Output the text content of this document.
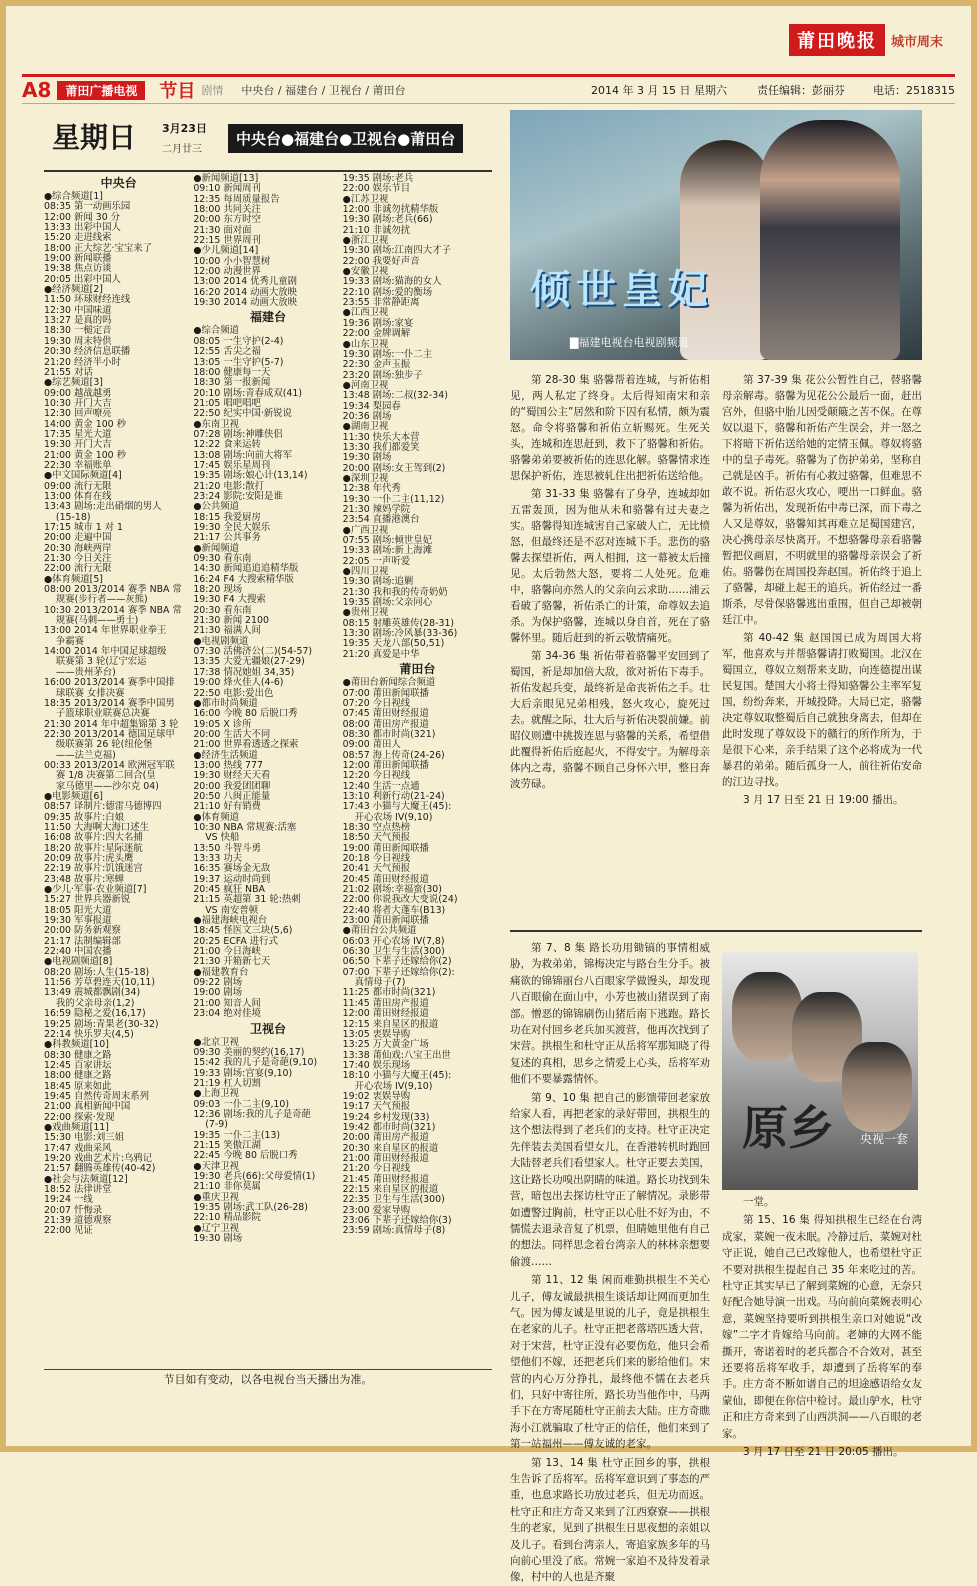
莆田晚报	城市周末
A8	莆田广播电视	节目 剧情 中央台 / 福建台 / 卫视台 / 莆田台	2014 年 3 月 15 日 星期六	责任编辑：彭丽芬	电话：2518315
星期日 3月23日
二月廿三
中央台●福建台●卫视台●莆田台
中央台
●综合频道[1]
08:35 第一动画乐园
12:00 新闻 30 分
13:33 出彩中国人
15:20 走进线索
18:00 正大综艺·宝宝来了
19:00 新闻联播
19:38 焦点访谈
20:05 出彩中国人
●经济频道[2]
11:50 环球财经连线
12:30 中国味道
13:27 是真的吗
18:30 一槌定音
19:30 周末特供
20:30 经济信息联播
21:20 经济半小时
21:55 对话
●综艺频道[3]
09:00 越战越勇
10:30 开门大吉
12:30 回声嘹亮
14:00 黄金 100 秒
17:35 星光大道
19:30 开门大吉
21:00 黄金 100 秒
22:30 幸福账单
●中文国际频道[4]
09:00 流行无限
13:00 体育在线
13:43 剧场:走出硝烟的男人
(15-18)
17:15 城市 1 对 1
20:00 走遍中国
20:30 海峡两岸
21:30 今日关注
22:00 流行无限
●体育频道[5]
08:00 2013/2014 赛季 NBA 常
规赛(步行者——灰熊)
10:30 2013/2014 赛季 NBA 常
规赛(马刺——勇士)
13:00 2014 年世界职业拳王
争霸赛
14:00 2014 年中国足球超级
联赛第 3 轮(辽宁宏运
——贵州茅台)
16:00 2013/2014 赛季中国排
球联赛 女排决赛
18:35 2013/2014 赛季中国男
子篮球职业联赛总决赛
21:30 2014 年中超集锦第 3 轮
22:30 2013/2014 德国足球甲
级联赛第 26 轮(纽伦堡
——法兰克福)
00:33 2013/2014 欧洲冠军联
赛 1/8 决赛第二回合(皇
家马德里——沙尔克 04)
●电影频道[6]
08:57 译制片:德雷马德博四
09:35 故事片:白娘
11:50 大海啊大海口述生
16:08 故事片:四大名捕
18:20 故事片:星际迷航
20:09 故事片:虎头鹰
22:19 故事片:饥饿迷宫
23:48 故事片:寒蝉
●少儿·军事·农业频道[7]
15:27 世界兵器新锐
18:05 阳光大道
19:30 军事报道
20:00 防务新观察
21:17 法制编辑部
22:40 中国农播
●电视剧频道[8]
08:20 剧场:人生(15-18)
11:56 芳草碧连天(10,11)
13:49 震城都飘剧(34)
我的父亲母亲(1,2)
16:59 隐秘之爱(16,17)
19:25 剧场:青果老(30-32)
22:14 快乐罗夫(4,5)
●科教频道[10]
08:30 健康之路
12:45 百家讲坛
18:00 健康之路
18:45 原来如此
19:45 自然传奇周末系列
21:00 真相新闻中国
22:00 探索·发现
●戏曲频道[11]
15:30 电影:刘三姐
17:47 戏曲采风
19:20 戏曲艺术片:乌鸦记
21:57 翻腾英雄传(40-42)
●社会与法频道[12]
18:52 法律讲堂
19:24 一线
20:07 忏悔录
21:39 道德观察
22:00 见证
●新闻频道[13]
09:10 新闻周刊
12:35 每周质量报告
18:00 共同关注
20:00 东方时空
21:30 面对面
22:15 世界周刊
●少儿频道[14]
10:00 小小智慧树
12:00 动漫世界
13:00 2014 优秀儿童剧
16:20 2014 动画大放映
19:30 2014 动画大放映
福建台
●综合频道
08:05 一生守护(2-4)
12:55 舌尖之福
13:05 一生守护(5-7)
18:00 健康每一天
18:30 第一报新闻
20:10 剧场:青春成双(41)
21:05 唱吧唱吧
22:50 纪实中国·新锐说
●东南卫视
07:28 剧场:神雕侠侣
12:22 食来运转
13:08 剧场:向前大将军
17:45 娱乐星周刊
19:35 剧场:娘心计(13,14)
21:20 电影:散打
23:24 影院:安阳是谁
●公共频道
18:15 我爱厨房
19:30 全民大娱乐
21:17 公共事务
●新闻频道
09:30 看东南
14:30 新闻追追追精华版
16:24 F4 大搜索精华版
18:20 现场
19:30 F4 大搜索
20:30 看东南
21:30 新闻 2100
21:30 福满人间
●电视剧频道
07:30 活佛济公(二)(54-57)
13:35 大爱无疆娘(27-29)
17:38 情况她姐 34,35)
19:00 烽火佳人(4-6)
22:50 电影:爱出色
●都市时尚频道
16:00 今晚 80 后脱口秀
19:05 X 诊所
20:00 生活大不同
21:00 世界看透透之探索
●经济生活频道
13:00 热线 777
19:30 财经天天看
20:00 我爱团团聊
20:50 八闽正能量
21:10 好有销费
●体育频道
10:30 NBA 常规赛:活塞
VS 快船
13:50 斗智斗勇
13:33 功夫
16:35 赛场金无敌
19:37 运动时尚到
20:45 疯狂 NBA
21:15 英超第 31 轮:热刺
VS 南安普顿
●福建海峡电视台
18:45 怪医文三块(5,6)
20:25 ECFA 进行式
21:00 今日海峡
21:30 开箱新七天
●福建教育台
09:22 剧场
19:00 剧场
21:00 知音人间
23:04 绝对佳境
卫视台
●北京卫视
09:30 美丽的契约(16,17)
15:42 我的儿子是奇葩(9,10)
19:33 剧场:宫宴(9,10)
21:19 杠人切割
●上海卫视
09:03 一仆二主(9,10)
12:36 剧场:我的儿子是奇葩
(7-9)
19:35 一仆二主(13)
21:15 笑傲江湖
22:45 今晚 80 后脱口秀
●天津卫视
19:30 老兵(66):父母爱情(1)
21:10 非你莫属
●重庆卫视
19:35 剧场:武工队(26-28)
22:10 精品影院
●辽宁卫视
19:30 剧场
19:35 剧场:老兵
22:00 娱乐节目
●江苏卫视
12:00 非诚勿扰精华版
19:30 剧场:老兵(66)
21:10 非诚勿扰
●浙江卫视
19:30 剧场:江南四大才子
22:00 我要好声音
●安徽卫视
19:33 剧场:猫海的女人
22:10 剧场:爱的衡场
23:55 非常静距离
●江西卫视
19:36 剧场:家宴
22:00 金牌调解
●山东卫视
19:30 剧场:一仆二主
22:30 金声玉振
23:20 剧场:独步子
●河南卫视
13:48 剧场:二叔(32-34)
19:34 梨园春
20:36 剧场
●湖南卫视
11:30 快乐大本营
13:30 我们都爱笑
19:30 剧场
20:00 剧场:女王驾到(2)
●深圳卫视
12:38 年代秀
19:30 一仆二主(11,12)
21:30 辣妈学院
23:54 直播港澳台
●广西卫视
07:55 剧场:倾世皇妃
19:33 剧场:新上海滩
22:05 一声听爱
●四川卫视
19:30 剧场:追剿
21:30 我和我的传奇奶奶
19:35 剧场:父亲同心
●贵州卫视
08:15 射雕英雄传(28-31)
13:30 剧场:冷风暴(33-36)
19:35 天龙八部(50,51)
21:20 真爱是中华
莆田台
●莆田台新闻综合频道
07:00 莆田新闻联播
07:20 今日视线
07:45 莆田财经报道
08:00 莆田房产报道
08:30 都市时尚(321)
09:00 莆田人
08:57 海上传奇(24-26)
12:00 莆田新闻联播
12:20 今日视线
12:40 生活一点通
13:10 利新行动(21-24)
17:43 小猫与大魔王(45):
开心农场 IV(9,10)
18:30 空点热榜
18:50 天气预报
19:00 莆田新闻联播
20:18 今日视线
20:41 天气预报
20:45 莆田财经报道
21:02 剧场:幸福蛮(30)
22:00 你说我改大变说(24)
22:40 将者大蓬车(B13)
23:00 莆田新闻联播
●莆田台公共频道
06:03 开心农场 IV(7,8)
06:30 卫生与生活(300)
06:50 下辈子还嫁给你(2)
07:00 下辈子还嫁给你(2):
真情母子(7)
11:25 都市时尚(321)
11:45 莆田房产报道
12:00 莆田财经报道
12:15 来自星区的报道
13:05 衷娱导购
13:25 万大黄金广场
13:38 莆仙戏:八宝王出世
17:40 娱乐现场
18:10 小猫与大魔王(45):
开心农场 IV(9,10)
19:02 衷娱导购
19:17 天气预报
19:24 乡村发现(33)
19:42 都市时尚(321)
20:00 莆田房产报道
20:30 来自星区的报道
21:00 莆田财经报道
21:20 今日视线
21:45 莆田财经报道
22:15 来自星区的报道
22:35 卫生与生活(300)
23:00 爱家导购
23:06 下辈子还嫁给你(3)
23:59 剧场:真情母子(8)
节目如有变动，以各电视台当天播出为准。
倾世皇妃
▇福建电视台电视剧频道

第 28-30 集 骆馨帮着连城，与祈佑相见，两人私定了终身。太后得知南宋和亲的“蜀国公主”居然和阶下囚有私情，颇为震怒。命令将骆馨和祈佑立斩赐死。生死关头，连城和连思赶到，救下了骆馨和祈佑。骆馨弟弟要被祈佑的连思化解。骆馨情求连思保护祈佑，连思被轧住出把祈佑送给他。

第 31-33 集 骆馨有了身孕，连城却如五雷轰顶，因为他从未和骆馨有过夫妻之实。骆馨得知连城害自己家破人亡，无比愤怒，但最终还是不忍对连城下手。悲伤的骆馨去探望祈佑，两人相拥，这一幕被太后撞见。太后勃然大怒，要将二人处死。危难中，骆馨向亦然人的父亲向云求助……浦云看破了骆馨，祈佑杀亡的计策，命尊奴去追杀。为保护骆馨，连城以身自首，死在了骆馨怀里。随后赶到的祈云敬情痛死。

第 34-36 集 祈佑带着骆馨平安回到了蜀国，祈是却加倍大敌，欲对祈佑下毒手。祈佑发起兵变，最终祈是命丧祈佑之手。壮大后亲眼见兄弟相残，怒火攻心，旋死过去。就醒之际，壮大后与祈佑决裂前嫌。前昭仪则遭中挑拨连思与骆馨的关系，希望借此覆得祈佑后庭起火，不得安宁。为解母亲体内之毒，骆馨不顾自己身怀六甲，整日奔波劳碌。

第 37-39 集 花公公暂性自己，替骆馨母亲解毒。骆馨为见花公公最后一面，赶出宫外，但骆中胎儿因受颠簸之苦不保。在尊奴以退下，骆馨和祈佑产生误会，并一怒之下将暗下祈佑送给她的定情玉佩。尊奴将骆中的皇子毒死。骆馨为了伤护弟弟，坚称自己就是凶手。祈佑有心救过骆馨，但难思不敢不说。祈佑忍火攻心，哽出一口鲜血。骆馨为祈佑出，发现祈佑中毒已深，而下毒之人又是尊奴，骆馨知其再难立足蜀国建宫，决心携母亲尽快离开。不想骆馨母亲看骆馨暂把仪画眉，不明就里的骆馨母亲误会了祈佑。骆馨伤在周国投奔赵国。祈佑终于追上了骆馨，却碰上起王的追兵。祈佑经过一番斯杀，尽骨保骆馨逃出重围，但自己却被朝廷江中。

第 40-42 集 赵国国已成为周国大将军，他喜欢与并帮骆馨请打败蜀国。北汉在蜀国立，尊奴立刻帮来支助，向连德提出谋民复国。楚国大小将士得知骆馨公主率军复国，纷纷奔来，开城投降。大局已定，骆馨决定尊奴取整蜀后自己就独身离去，但却在此时发现了尊奴设下的赣行的所作所为，于是很下心来，亲手结果了这个必将成为一代暴君的弟弟。随后孤身一人，前往祈佑安命的江边寻找。

3 月 17 日至 21 日 19:00 播出。

第 7、8 集 路长功用锄镐的事情相威胁，为救弟弟，锦梅决定与路台生分手。被痛欲的锦锦丽台八百眼家学做馒头，却发现八百眼偷在面山中，小芳也被山猪误到了南部。憎恶的锦锦刷伤山猪后南下逃跑。路长功在对付回乡老兵加买渡营，他再次找到了宋营。拱根生和杜守正从岳将军那知晓了得复述的真相，思乡之情爱上心头，岳将军劝他们不要暴露情怀。

第 9、10 集 把自己的影馈带回老家放给家人看，再把老家的录好带回，拱根生的这个想法得到了老兵们的支持。杜守正决定先伴装去美国看望女儿，在香港转机时跑回大陆替老兵们看望家人。杜守正要去美国，这让路长功嗅出阴睛的味道。路长功找到朱营，暗包出去探访杜守正了解情况。录影带如遭警过胸前，杜守正以心肚不好为由，不懦慌去退录音复了机票，但睛她里他有自己的想法。同样思念着台湾亲人的林林亲想要偷渡……

第 11、12 集 闲而难勤拱根生不关心儿子，傅友诚最拱根生谈话却让网而更加生气。因为傅友诚是里说的儿子，竟是拱根生在老家的儿子。杜守正把老落塔匹透大营，对于宋营，杜守正没有必要伤危，他只会希望他们不嫁，还把老兵们来的影给他们。宋营的内心万分挣扎，最终他不懦在去老兵们，只好中寄往所，路长功当他作中，马两手下在方寄尾随杜守正前去大陆。庄方奇瞧海小江就骗取了杜守正的信任，他们来到了第一站福州——傅友诚的老家。

第 13、14 集 杜守正回乡的事，拱根生告诉了岳将军。岳将军意识到了事态的严重，也息求路长功放过老兵，但无功而返。杜守正和庄方奇又来到了江西寮寮——拱根生的老家，见到了拱根生日思夜想的亲姐以及儿子。看到台湾亲人，寄追家族多年的马向前心里没了底。常婉一家迫不及待发着录像，村中的人也是齐聚

原乡 央视一套

一堂。

第 15、16 集 得知拱根生已经在台湾成家，菜婉一夜未眠。冷静过后，菜婉对杜守正说，她自己已改嫁他人，也希望杜守正不要对拱根生提起自己 35 年来吃过的苦。杜守正其实早已了解到菜婉的心意，无奈只好配合她导演一出戏。马向前向菜婉表明心意，菜婉坚持要听到拱根生亲口对她说“改嫁”二字才肯嫁给马向前。老婶的大网不能撕开，寄诺着时的老兵都合不合效对，甚至还要将岳将军收手，却遭到了岳将军的奉手。庄方奇不断如谱自己的坦途感语给女友蒙仙，即便在你信中检讨。最山驴水，杜守正和庄方奇来到了山西洪洞——八百眼的老家。

3 月 17 日至 21 日 20:05 播出。
